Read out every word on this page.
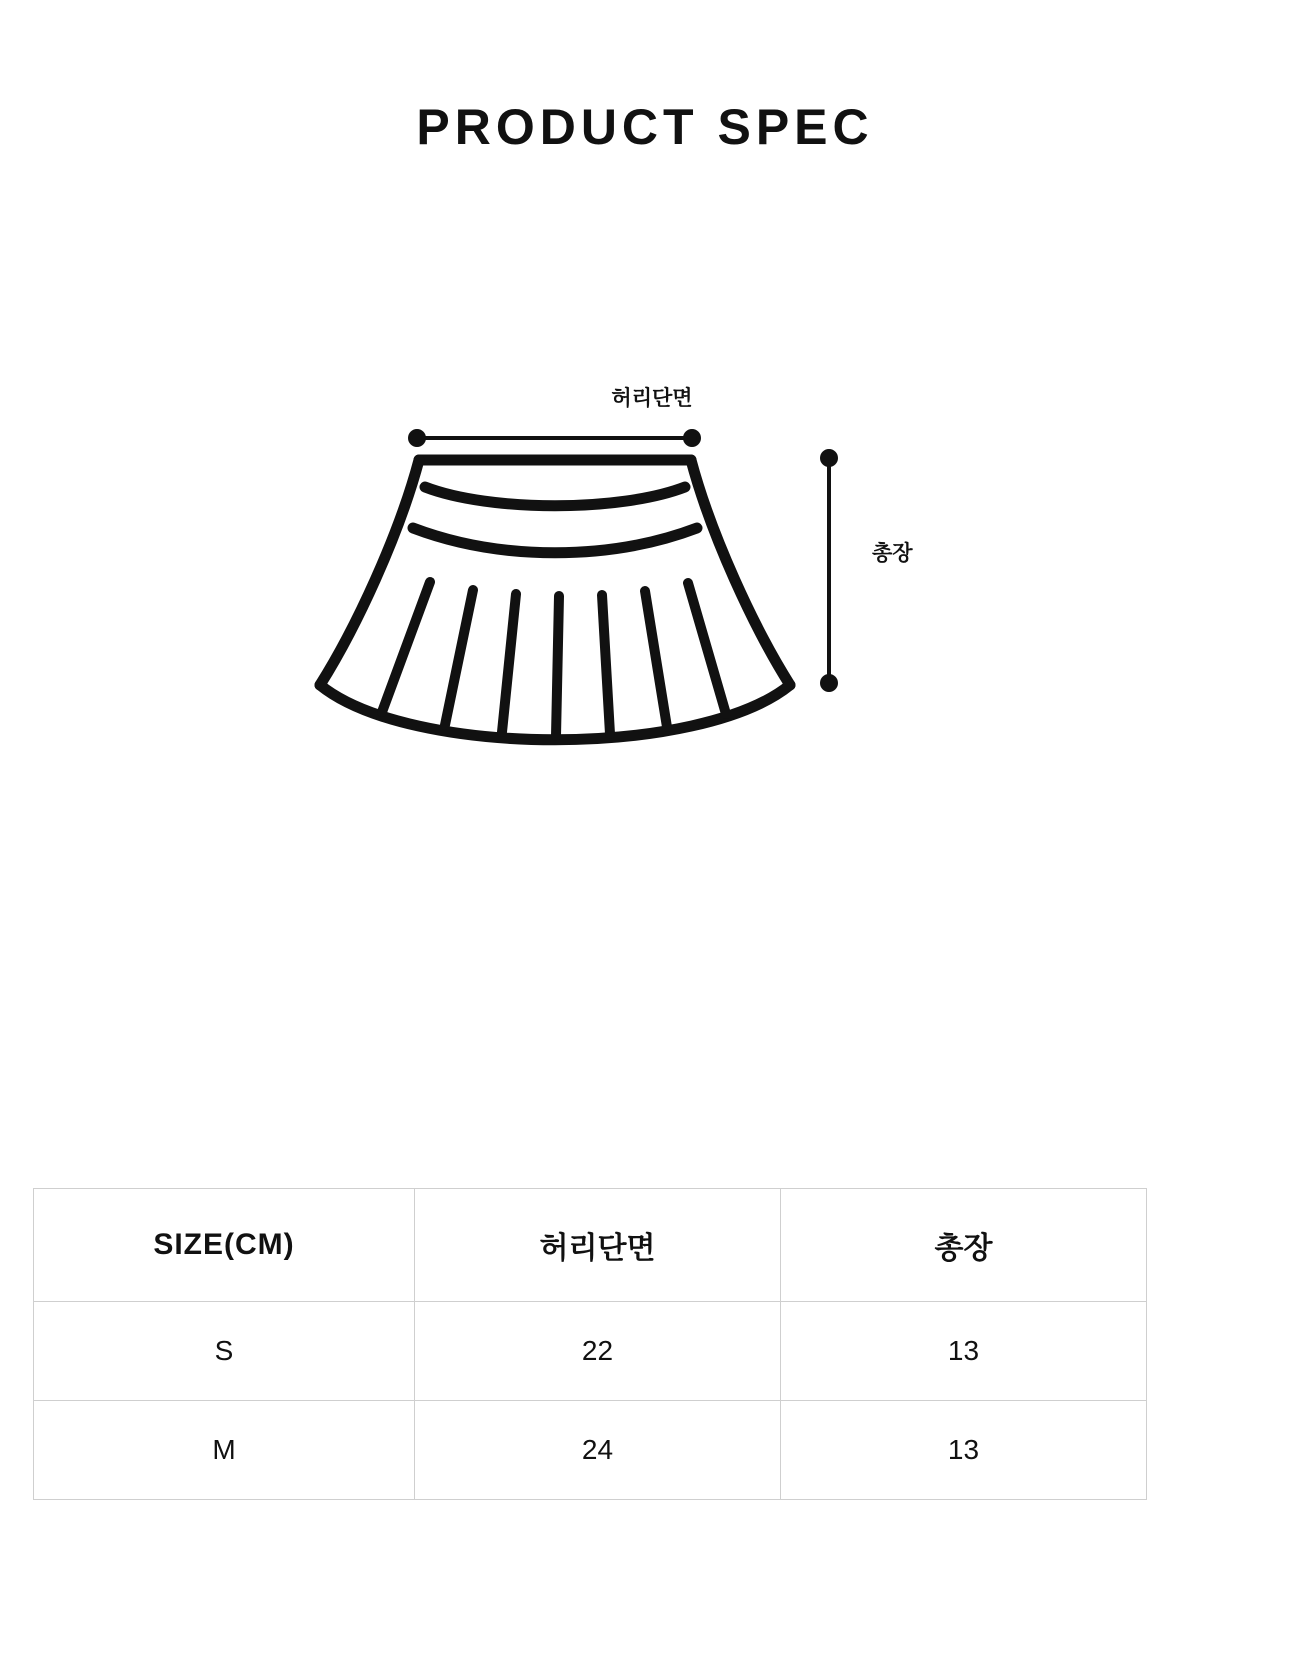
PRODUCT SPEC
허리단면
총장
SIZE(CM)	허리단면	총장
S	22	13
M	24	13
